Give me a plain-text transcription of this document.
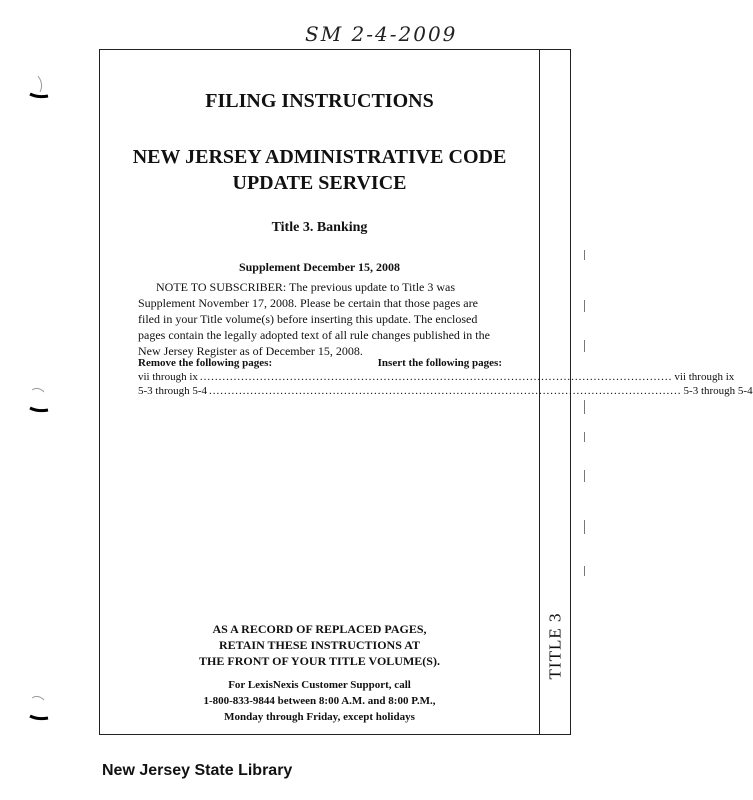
SM 2-4-2009
TITLE 3
FILING INSTRUCTIONS
NEW JERSEY ADMINISTRATIVE CODE
UPDATE SERVICE
Title 3. Banking
Supplement December 15, 2008
NOTE TO SUBSCRIBER: The previous update to Title 3 was
Supplement November 17, 2008. Please be certain that those pages are
filed in your Title volume(s) before inserting this update. The enclosed
pages contain the legally adopted text of all rule changes published in the
New Jersey Register as of December 15, 2008.
Remove the following pages:	Insert the following pages:
vii through ix .............................................................................................................................. vii through ix
5-3 through 5-4 .............................................................................................................................. 5-3 through 5-4
AS A RECORD OF REPLACED PAGES,
RETAIN THESE INSTRUCTIONS AT
THE FRONT OF YOUR TITLE VOLUME(S).
For LexisNexis Customer Support, call
1-800-833-9844 between 8:00 A.M. and 8:00 P.M.,
Monday through Friday, except holidays
New Jersey State Library
